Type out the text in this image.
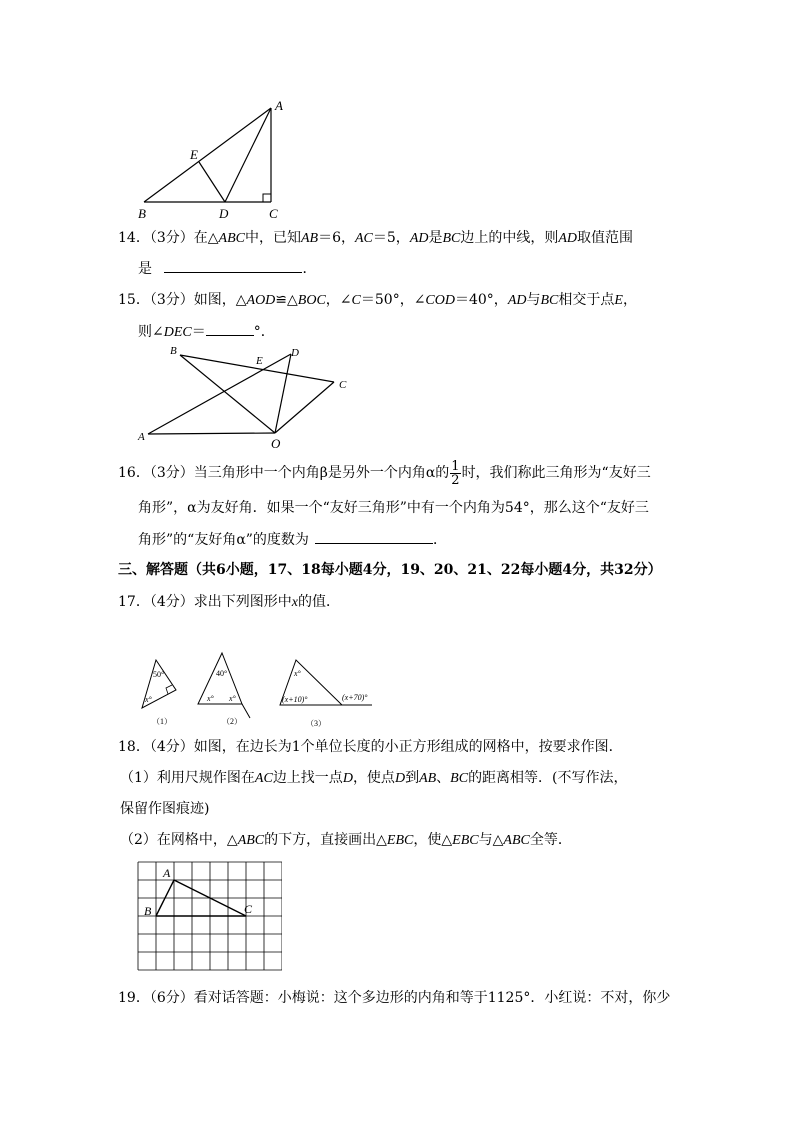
A
E
B	D	C
14．（3分）在△ABC中，已知AB＝6，AC＝5，AD是BC边上的中线，则AD取值范围
是	．
15．（3分）如图，△AOD≌△BOC，∠C＝50°，∠COD＝40°，AD与BC相交于点E，
则∠DEC＝	°．
B
E
D
C
A	O
16．（3分）当三角形中一个内角β是另外一个内角α的 $\frac{1}{2}$ 时，我们称此三角形为“友好三
角形”，α为友好角．如果一个“友好三角形”中有一个内角为54°，那么这个“友好三
角形”的“友好角α”的度数为	．
三、解答题（共6小题，17、18每小题4分，19、20、21、22每小题4分，共32分）
17．（4分）求出下列图形中x的值．
50°
x°
（1）
40°
x° x°
（2）
x°
(x+10)°	(x+70)°
（3）
18．（4分）如图，在边长为1个单位长度的小正方形组成的网格中，按要求作图．
（1）利用尺规作图在AC边上找一点D，使点D到AB、BC的距离相等．(不写作法，
保留作图痕迹)
（2）在网格中，△ABC的下方，直接画出△EBC，使△EBC与△ABC全等．
A
B	C
19．（6分）看对话答题：小梅说：这个多边形的内角和等于1125°．小红说：不对，你少
